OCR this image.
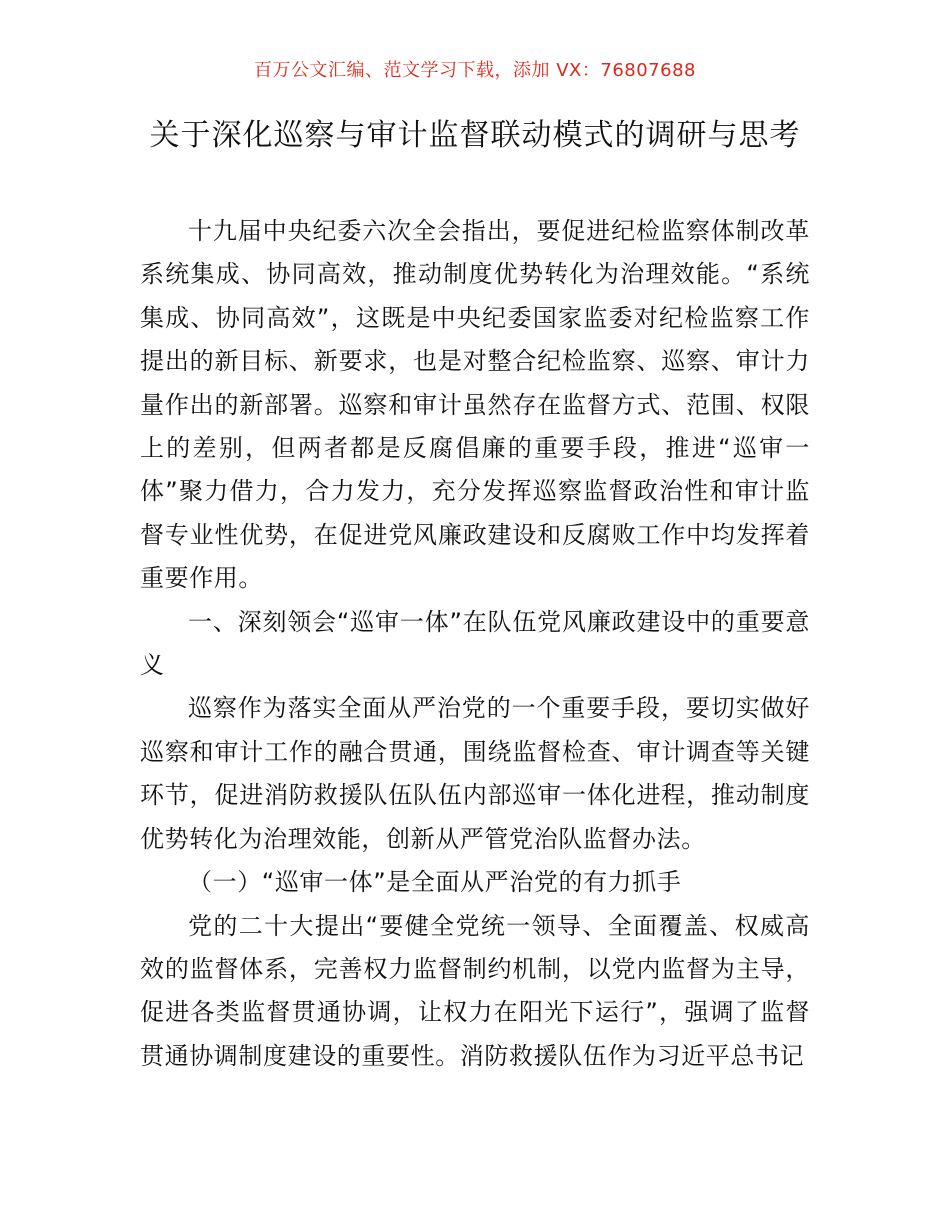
百万公文汇编、范文学习下载，添加 VX：76807688
关于深化巡察与审计监督联动模式的调研与思考

十九届中央纪委六次全会指出，要促进纪检监察体制改革系统集成、协同高效，推动制度优势转化为治理效能。“系统集成、协同高效”，这既是中央纪委国家监委对纪检监察工作提出的新目标、新要求，也是对整合纪检监察、巡察、审计力量作出的新部署。巡察和审计虽然存在监督方式、范围、权限上的差别，但两者都是反腐倡廉的重要手段，推进“巡审一体”聚力借力，合力发力，充分发挥巡察监督政治性和审计监督专业性优势，在促进党风廉政建设和反腐败工作中均发挥着重要作用。

一、深刻领会“巡审一体”在队伍党风廉政建设中的重要意义

巡察作为落实全面从严治党的一个重要手段，要切实做好巡察和审计工作的融合贯通，围绕监督检查、审计调查等关键环节，促进消防救援队伍队伍内部巡审一体化进程，推动制度优势转化为治理效能，创新从严管党治队监督办法。

（一）“巡审一体”是全面从严治党的有力抓手

党的二十大提出“要健全党统一领导、全面覆盖、权威高效的监督体系，完善权力监督制约机制，以党内监督为主导，促进各类监督贯通协调，让权力在阳光下运行”，强调了监督贯通协调制度建设的重要性。消防救援队伍作为习近平总书记
